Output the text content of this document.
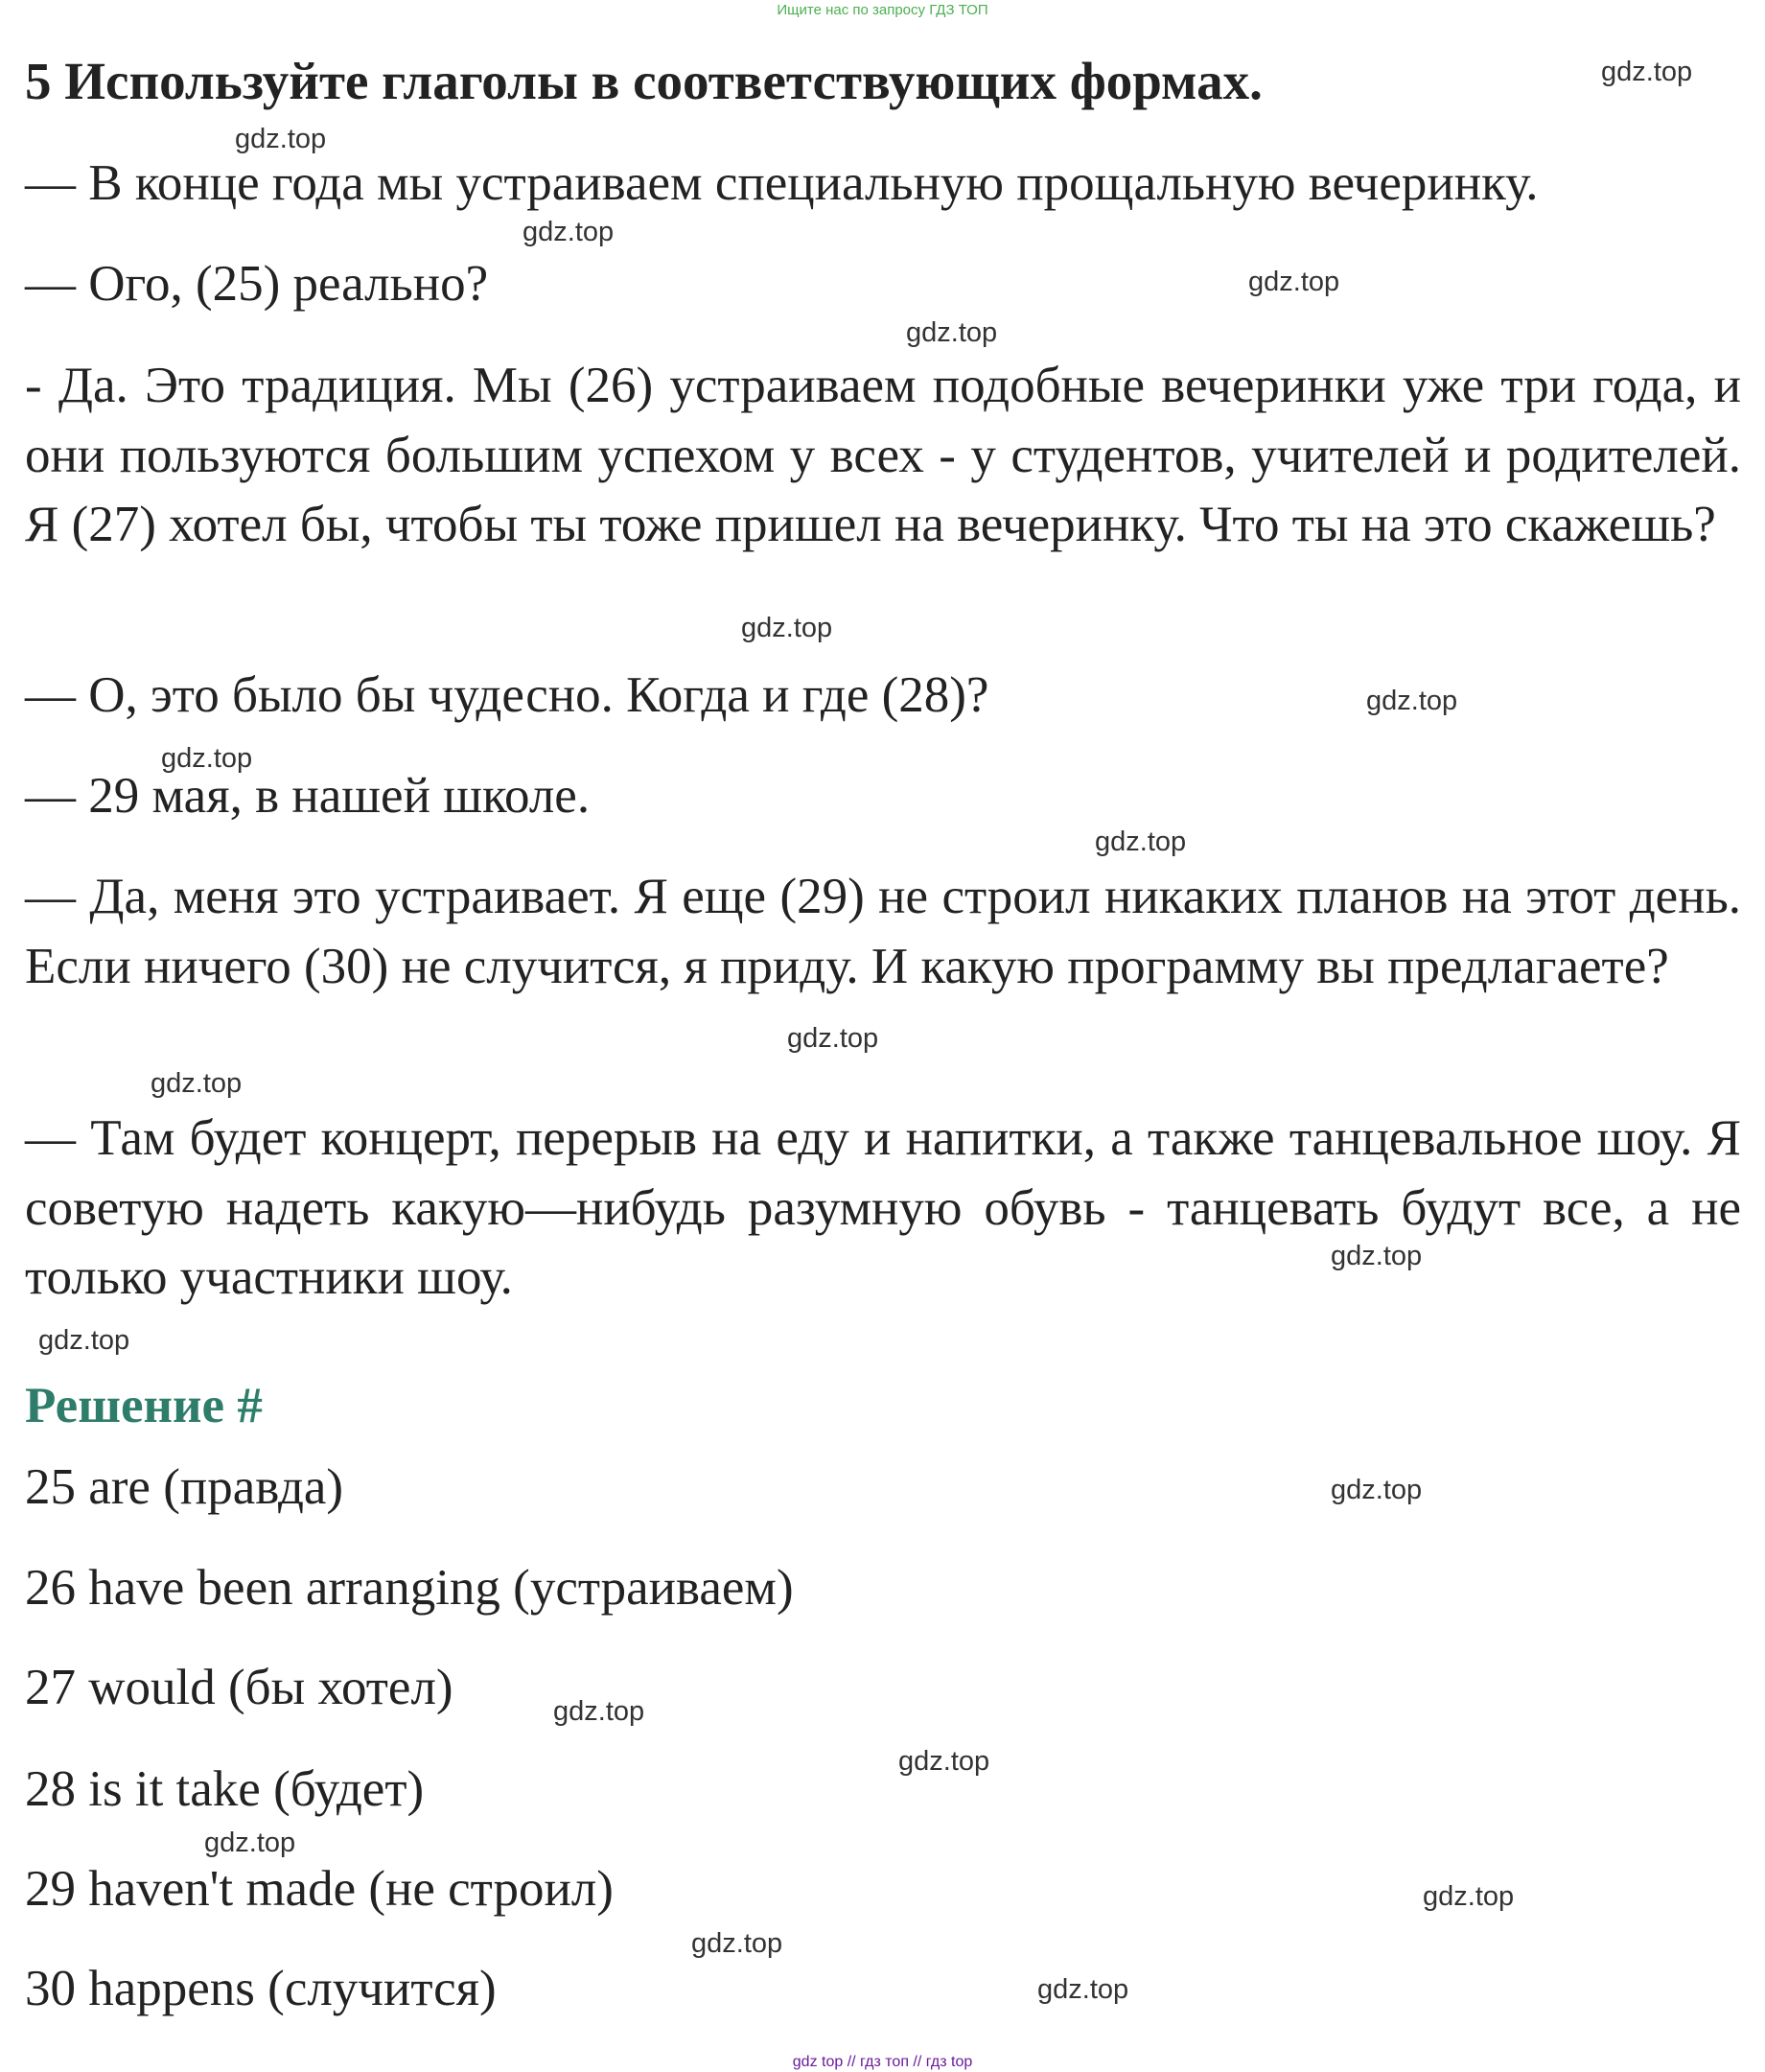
Ищите нас по запросу ГДЗ ТОП
5 Используйте глаголы в соответствующих формах.

— В конце года мы устраиваем специальную прощальную вечеринку.

— Ого, (25) реально?

- Да. Это традиция. Мы (26) устраиваем подобные вечеринки уже три года, и они пользуются большим успехом у всех - у студентов, учителей и родителей. Я (27) хотел бы, чтобы ты тоже пришел на вечеринку. Что ты на это скажешь?

— О, это было бы чудесно. Когда и где (28)?

— 29 мая, в нашей школе.

— Да, меня это устраивает. Я еще (29) не строил никаких планов на этот день. Если ничего (30) не случится, я приду. И какую программу вы предлагаете?

— Там будет концерт, перерыв на еду и напитки, а также танцевальное шоу. Я советую надеть какую—нибудь разумную обувь - танцевать будут все, а не только участники шоу.

Решение #

25 are (правда)

26 have been arranging (устраиваем)

27 would (бы хотел)

28 is it take (будет)

29 haven't made (не строил)

30 happens (случится)

gdz.top
gdz.top
gdz.top
gdz.top
gdz.top
gdz.top
gdz.top
gdz.top
gdz.top
gdz.top
gdz.top
gdz.top
gdz.top
gdz.top
gdz.top
gdz.top
gdz.top
gdz.top
gdz.top
gdz.top
gdz top // гдз топ // гдз top
